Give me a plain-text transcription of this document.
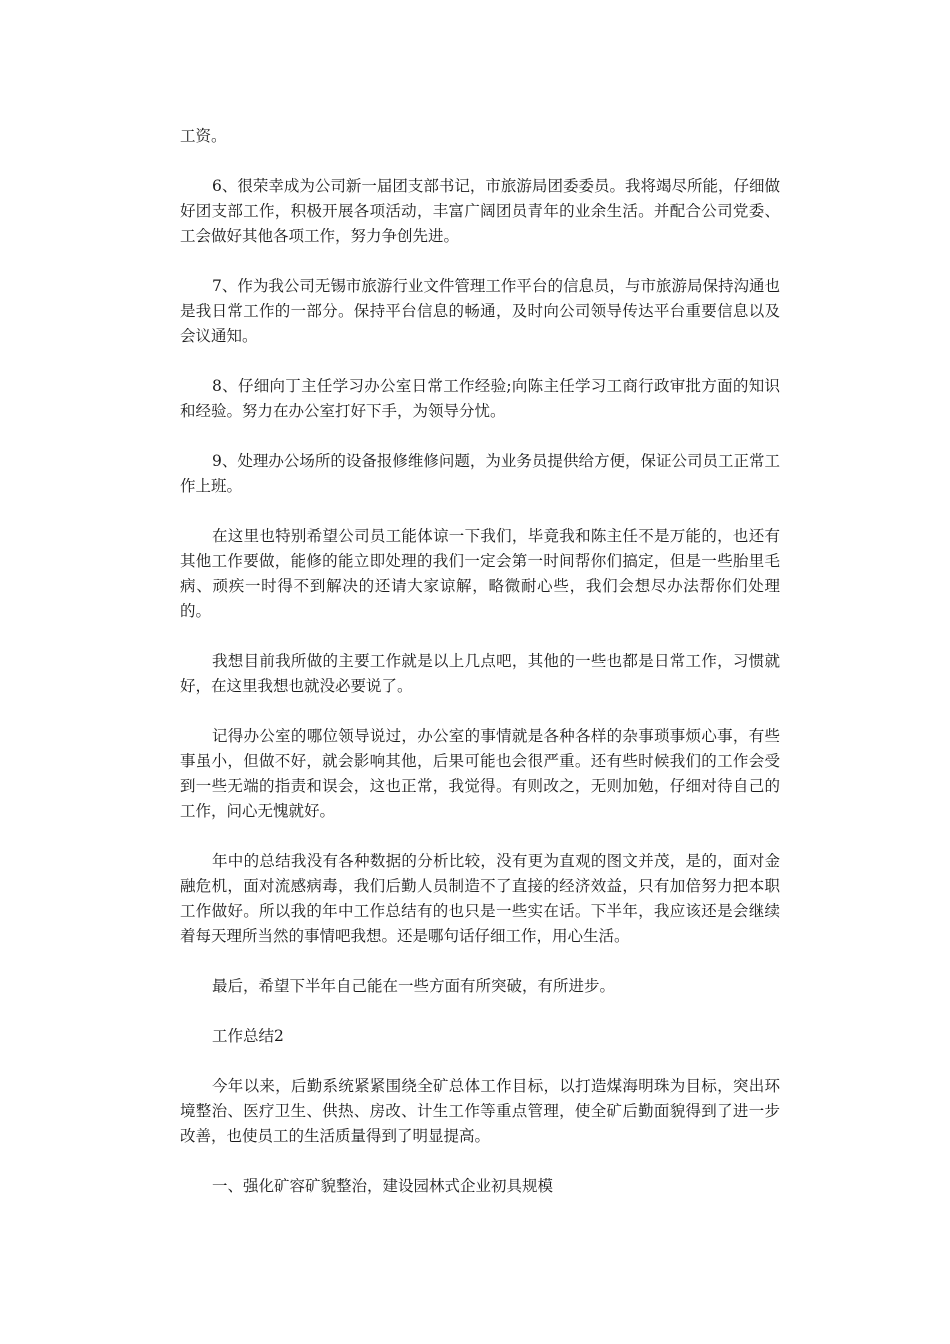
工资。

6、很荣幸成为公司新一届团支部书记，市旅游局团委委员。我将竭尽所能，仔细做好团支部工作，积极开展各项活动，丰富广阔团员青年的业余生活。并配合公司党委、工会做好其他各项工作，努力争创先进。

7、作为我公司无锡市旅游行业文件管理工作平台的信息员，与市旅游局保持沟通也是我日常工作的一部分。保持平台信息的畅通，及时向公司领导传达平台重要信息以及会议通知。

8、仔细向丁主任学习办公室日常工作经验;向陈主任学习工商行政审批方面的知识和经验。努力在办公室打好下手，为领导分忧。

9、处理办公场所的设备报修维修问题，为业务员提供给方便，保证公司员工正常工作上班。

在这里也特别希望公司员工能体谅一下我们，毕竟我和陈主任不是万能的，也还有其他工作要做，能修的能立即处理的我们一定会第一时间帮你们搞定，但是一些胎里毛病、顽疾一时得不到解决的还请大家谅解，略微耐心些，我们会想尽办法帮你们处理的。

我想目前我所做的主要工作就是以上几点吧，其他的一些也都是日常工作，习惯就好，在这里我想也就没必要说了。

记得办公室的哪位领导说过，办公室的事情就是各种各样的杂事琐事烦心事，有些事虽小，但做不好，就会影响其他，后果可能也会很严重。还有些时候我们的工作会受到一些无端的指责和误会，这也正常，我觉得。有则改之，无则加勉，仔细对待自己的工作，问心无愧就好。

年中的总结我没有各种数据的分析比较，没有更为直观的图文并茂，是的，面对金融危机，面对流感病毒，我们后勤人员制造不了直接的经济效益，只有加倍努力把本职工作做好。所以我的年中工作总结有的也只是一些实在话。下半年，我应该还是会继续着每天理所当然的事情吧我想。还是哪句话仔细工作，用心生活。

最后，希望下半年自己能在一些方面有所突破，有所进步。

工作总结2

今年以来，后勤系统紧紧围绕全矿总体工作目标，以打造煤海明珠为目标，突出环境整治、医疗卫生、供热、房改、计生工作等重点管理，使全矿后勤面貌得到了进一步改善，也使员工的生活质量得到了明显提高。

一、强化矿容矿貌整治，建设园林式企业初具规模
